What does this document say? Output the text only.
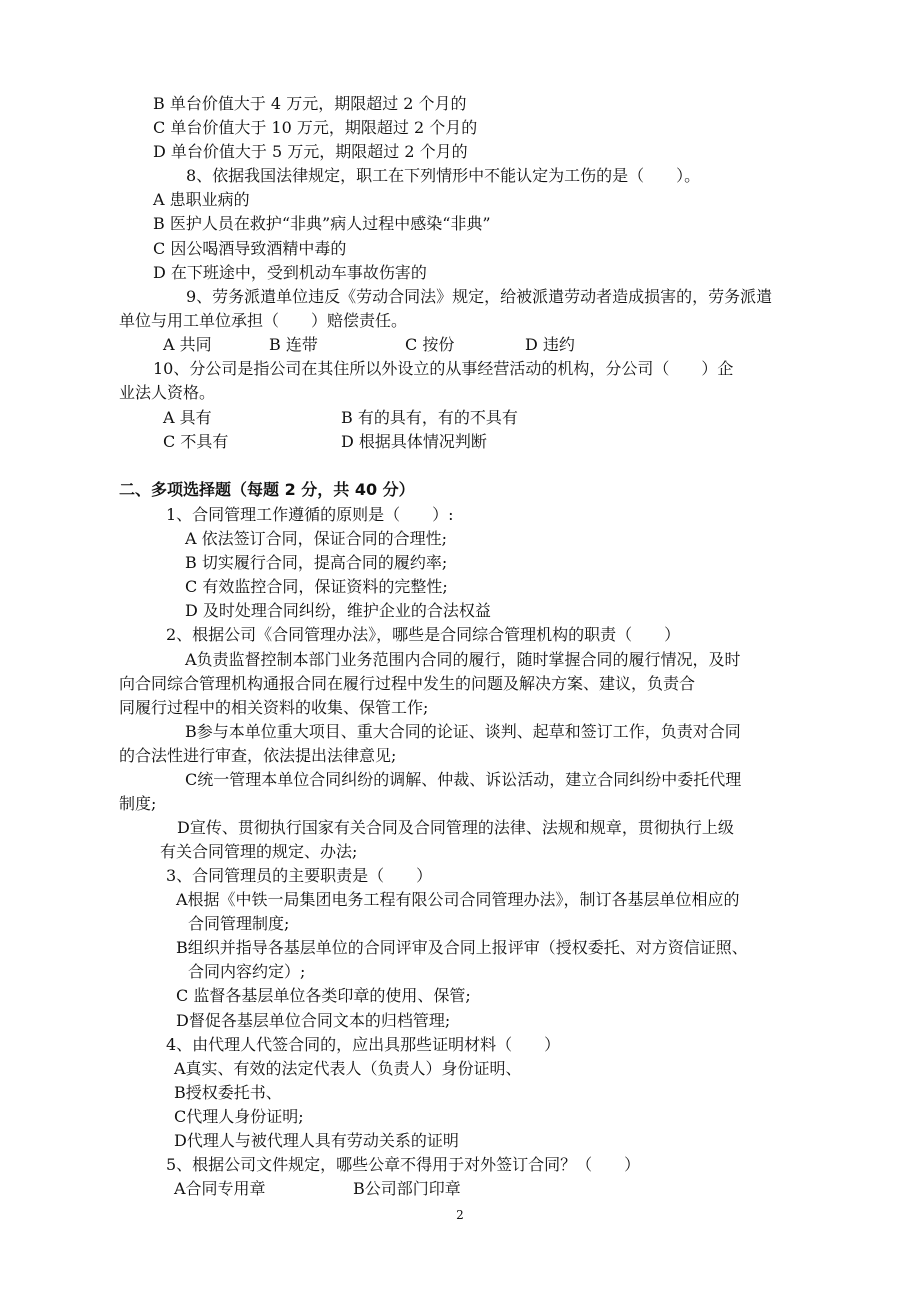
B 单台价值大于 4 万元，期限超过 2 个月的
C 单台价值大于 10 万元，期限超过 2 个月的
D 单台价值大于 5 万元，期限超过 2 个月的
8、依据我国法律规定，职工在下列情形中不能认定为工伤的是（　　）。
A 患职业病的
B 医护人员在救护“非典”病人过程中感染“非典”
C 因公喝酒导致酒精中毒的
D 在下班途中，受到机动车事故伤害的
9、劳务派遣单位违反《劳动合同法》规定，给被派遣劳动者造成损害的，劳务派遣
单位与用工单位承担（　　）赔偿责任。
A 共同	B 连带	C 按份	D 违约
10、分公司是指公司在其住所以外设立的从事经营活动的机构，分公司（　　）企
业法人资格。
A 具有	B 有的具有，有的不具有
C 不具有	D 根据具体情况判断
二、多项选择题（每题 2 分，共 40 分）
1、合同管理工作遵循的原则是（　　）:
A 依法签订合同，保证合同的合理性;
B 切实履行合同，提高合同的履约率;
C 有效监控合同，保证资料的完整性;
D 及时处理合同纠纷，维护企业的合法权益
2、根据公司《合同管理办法》，哪些是合同综合管理机构的职责（　　）
A负责监督控制本部门业务范围内合同的履行，随时掌握合同的履行情况，及时
向合同综合管理机构通报合同在履行过程中发生的问题及解决方案、建议，负责合
同履行过程中的相关资料的收集、保管工作;
B参与本单位重大项目、重大合同的论证、谈判、起草和签订工作，负责对合同
的合法性进行审查，依法提出法律意见;
C统一管理本单位合同纠纷的调解、仲裁、诉讼活动，建立合同纠纷中委托代理
制度;
D宣传、贯彻执行国家有关合同及合同管理的法律、法规和规章，贯彻执行上级
有关合同管理的规定、办法;
3、合同管理员的主要职责是（　　）
A根据《中铁一局集团电务工程有限公司合同管理办法》，制订各基层单位相应的
合同管理制度;
B组织并指导各基层单位的合同评审及合同上报评审（授权委托、对方资信证照、
合同内容约定）;
C 监督各基层单位各类印章的使用、保管;
D督促各基层单位合同文本的归档管理;
4、由代理人代签合同的，应出具那些证明材料（　　）
A真实、有效的法定代表人（负责人）身份证明、
B授权委托书、
C代理人身份证明;
D代理人与被代理人具有劳动关系的证明
5、根据公司文件规定，哪些公章不得用于对外签订合同？（　　）
A合同专用章	B公司部门印章
2
